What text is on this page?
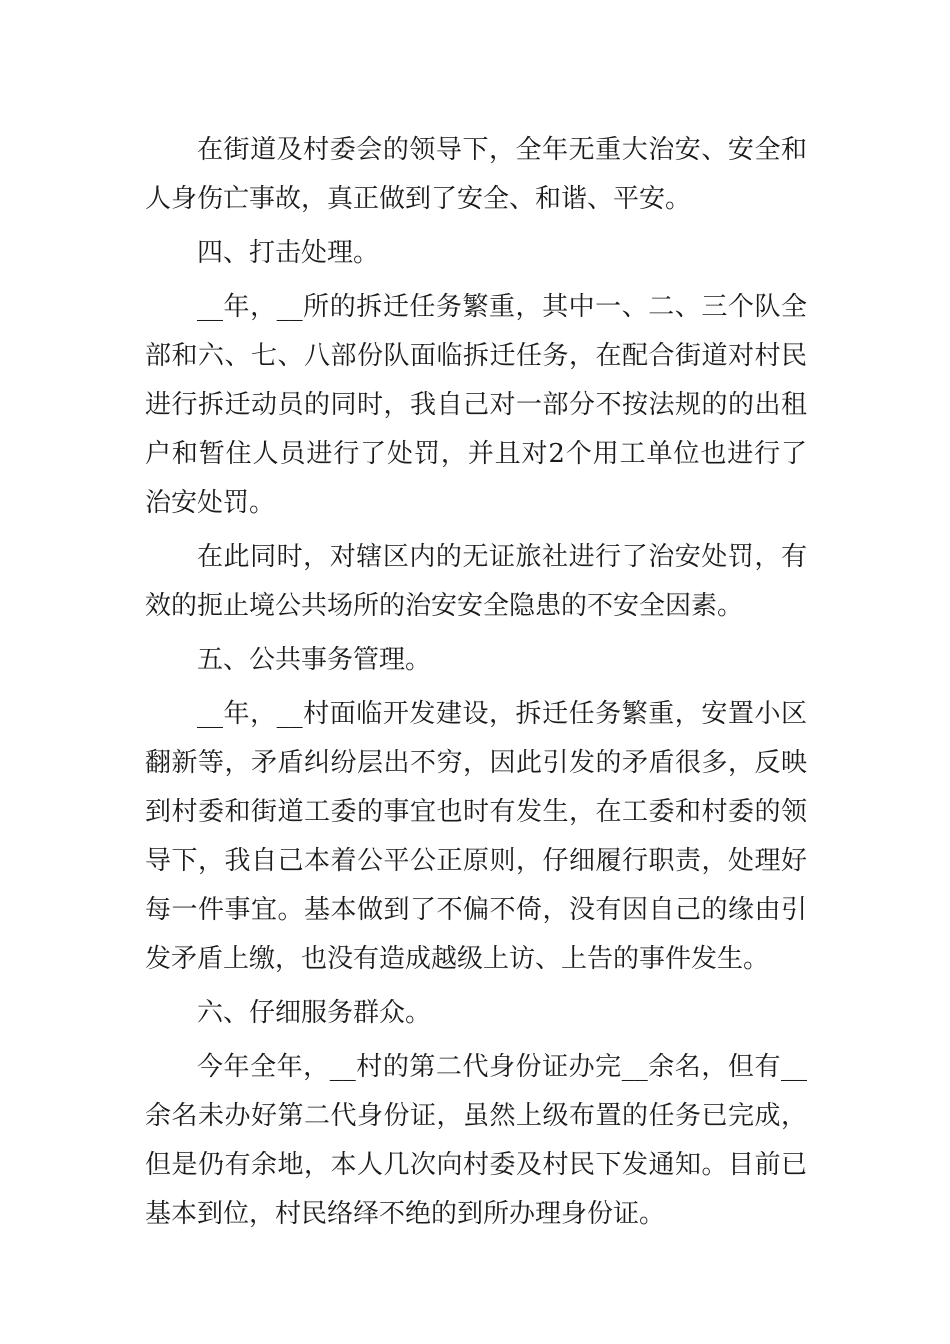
在街道及村委会的领导下，全年无重大治安、安全和人身伤亡事故，真正做到了安全、和谐、平安。

四、打击处理。

__年，__所的拆迁任务繁重，其中一、二、三个队全部和六、七、八部份队面临拆迁任务，在配合街道对村民进行拆迁动员的同时，我自己对一部分不按法规的的出租户和暂住人员进行了处罚，并且对2个用工单位也进行了治安处罚。

在此同时，对辖区内的无证旅社进行了治安处罚，有效的扼止境公共场所的治安安全隐患的不安全因素。

五、公共事务管理。

__年，__村面临开发建设，拆迁任务繁重，安置小区翻新等，矛盾纠纷层出不穷，因此引发的矛盾很多，反映到村委和街道工委的事宜也时有发生，在工委和村委的领导下，我自己本着公平公正原则，仔细履行职责，处理好每一件事宜。基本做到了不偏不倚，没有因自己的缘由引发矛盾上缴，也没有造成越级上访、上告的事件发生。

六、仔细服务群众。

今年全年，__村的第二代身份证办完__余名，但有__余名未办好第二代身份证，虽然上级布置的任务已完成，但是仍有余地，本人几次向村委及村民下发通知。目前已基本到位，村民络绎不绝的到所办理身份证。
